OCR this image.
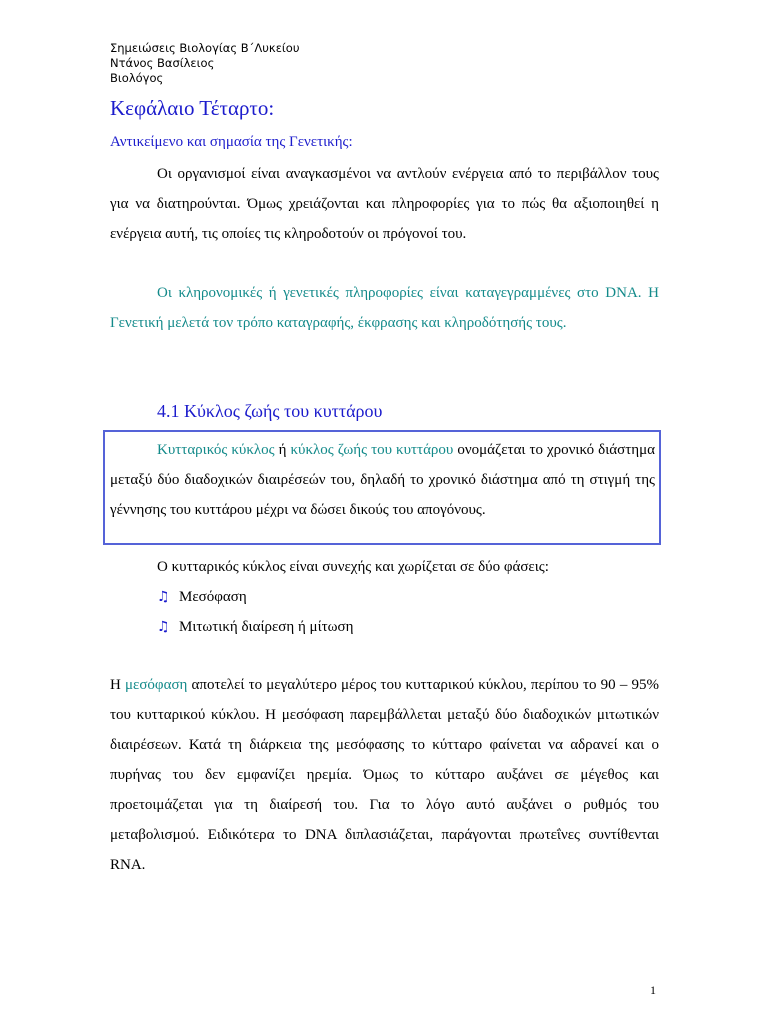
Σημειώσεις Βιολογίας Β΄Λυκείου
Ντάνος Βασίλειος
Βιολόγος
Κεφάλαιο Τέταρτο:
Αντικείμενο και σημασία της Γενετικής:
Οι οργανισμοί είναι αναγκασμένοι να αντλούν ενέργεια από το περιβάλλον τους για να διατηρούνται. Όμως χρειάζονται και πληροφορίες για το πώς θα αξιοποιηθεί η ενέργεια αυτή, τις οποίες τις κληροδοτούν οι πρόγονοί του.
Οι κληρονομικές ή γενετικές πληροφορίες είναι καταγεγραμμένες στο DNA. Η Γενετική μελετά τον τρόπο καταγραφής, έκφρασης και κληροδότησής τους.
4.1 Κύκλος ζωής του κυττάρου
Κυτταρικός κύκλος ή κύκλος ζωής του κυττάρου ονομάζεται το χρονικό διάστημα μεταξύ δύο διαδοχικών διαιρέσεών του, δηλαδή το χρονικό διάστημα από τη στιγμή της γέννησης του κυττάρου μέχρι να δώσει δικούς του απογόνους.
Ο κυτταρικός κύκλος είναι συνεχής και χωρίζεται σε δύο φάσεις:
♫ Μεσόφαση
♫ Μιτωτική διαίρεση ή μίτωση
Η μεσόφαση αποτελεί το μεγαλύτερο μέρος του κυτταρικού κύκλου, περίπου το 90 – 95% του κυτταρικού κύκλου. Η μεσόφαση παρεμβάλλεται μεταξύ δύο διαδοχικών μιτωτικών διαιρέσεων. Κατά τη διάρκεια της μεσόφασης το κύτταρο φαίνεται να αδρανεί και ο πυρήνας του δεν εμφανίζει ηρεμία. Όμως το κύτταρο αυξάνει σε μέγεθος και προετοιμάζεται για τη διαίρεσή του. Για το λόγο αυτό αυξάνει ο ρυθμός του μεταβολισμού. Ειδικότερα το DNA διπλασιάζεται, παράγονται πρωτεΐνες συντίθενται RNA.
1
